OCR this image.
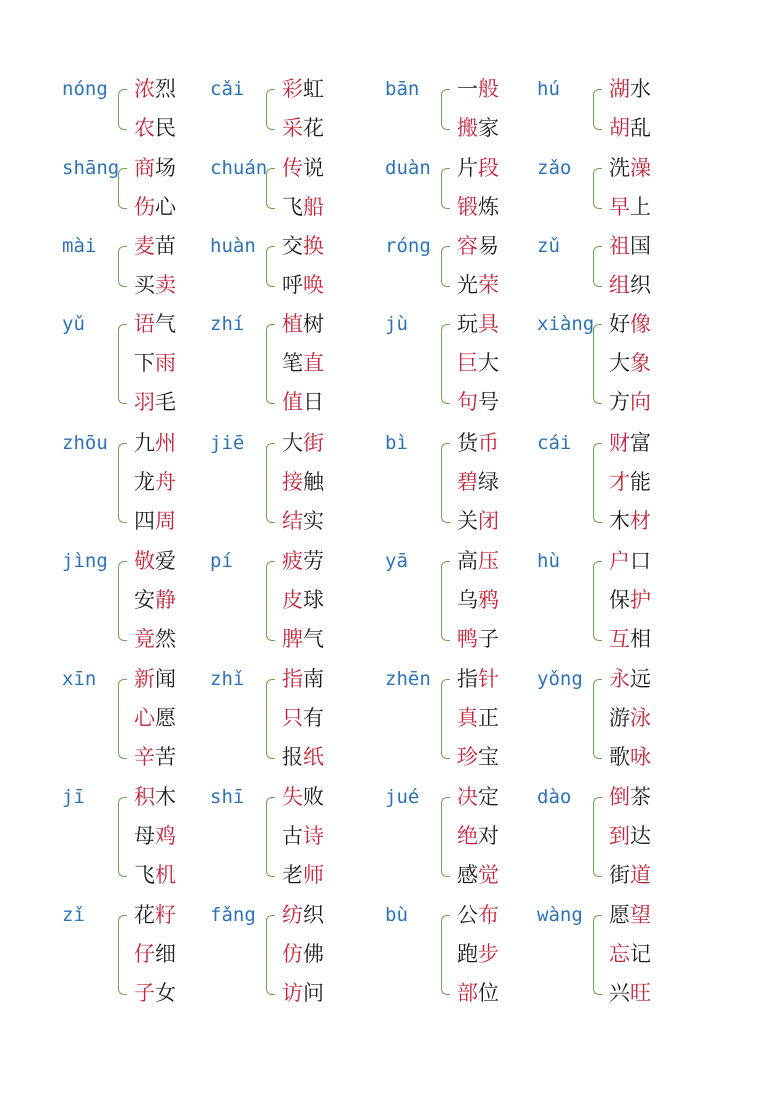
nóng 浓烈
农民
cǎi 彩虹
采花
bān 一般
搬家
hú 湖水
胡乱
shāng 商场
伤心
chuán 传说
飞船
duàn 片段
锻炼
zǎo 洗澡
早上
mài 麦苗
买卖
huàn 交换
呼唤
róng 容易
光荣
zǔ 祖国
组织
yǔ 语气
下雨
羽毛
zhí 植树
笔直
值日
jù 玩具
巨大
句号
xiàng 好像
大象
方向
zhōu 九州
龙舟
四周
jiē 大街
接触
结实
bì 货币
碧绿
关闭
cái 财富
才能
木材
jìng 敬爱
安静
竟然
pí 疲劳
皮球
脾气
yā 高压
乌鸦
鸭子
hù 户口
保护
互相
xīn 新闻
心愿
辛苦
zhǐ 指南
只有
报纸
zhēn 指针
真正
珍宝
yǒng 永远
游泳
歌咏
jī 积木
母鸡
飞机
shī 失败
古诗
老师
jué 决定
绝对
感觉
dào 倒茶
到达
街道
zǐ 花籽
仔细
子女
fǎng 纺织
仿佛
访问
bù 公布
跑步
部位
wàng 愿望
忘记
兴旺
